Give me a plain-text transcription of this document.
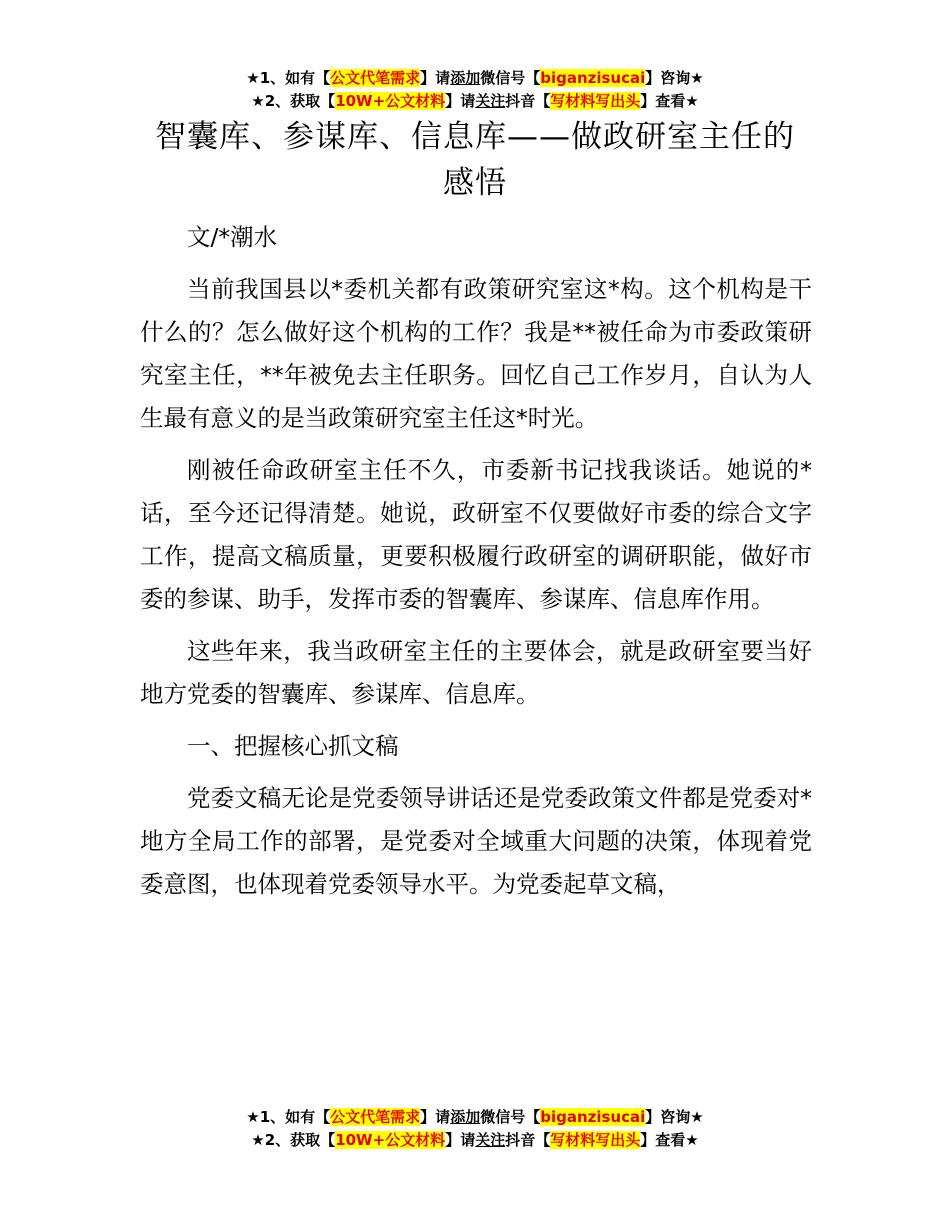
★1、如有【公文代笔需求】请添加微信号【biganzisucai】咨询★
★2、获取【10W+公文材料】请关注抖音【写材料写出头】查看★
智囊库、参谋库、信息库——做政研室主任的感悟

文/*潮水

当前我国县以*委机关都有政策研究室这*构。这个机构是干什么的？怎么做好这个机构的工作？我是**被任命为市委政策研究室主任，**年被免去主任职务。回忆自己工作岁月，自认为人生最有意义的是当政策研究室主任这*时光。

刚被任命政研室主任不久，市委新书记找我谈话。她说的*话，至今还记得清楚。她说，政研室不仅要做好市委的综合文字工作，提高文稿质量，更要积极履行政研室的调研职能，做好市委的参谋、助手，发挥市委的智囊库、参谋库、信息库作用。

这些年来，我当政研室主任的主要体会，就是政研室要当好地方党委的智囊库、参谋库、信息库。

一、把握核心抓文稿

党委文稿无论是党委领导讲话还是党委政策文件都是党委对*地方全局工作的部署，是党委对全域重大问题的决策，体现着党委意图，也体现着党委领导水平。为党委起草文稿，

★1、如有【公文代笔需求】请添加微信号【biganzisucai】咨询★
★2、获取【10W+公文材料】请关注抖音【写材料写出头】查看★
